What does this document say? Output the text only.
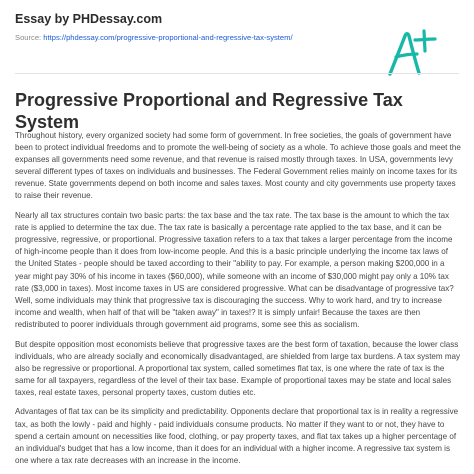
Essay by PHDessay.com
Source: https://phdessay.com/progressive-proportional-and-regressive-tax-system/
Progressive Proportional and Regressive Tax System

Throughout history, every organized society had some form of government. In free societies, the goals of government have been to protect individual freedoms and to promote the well-being of society as a whole. To achieve those goals and meet the expanses all governments need some revenue, and that revenue is raised mostly through taxes. In USA, governments levy several different types of taxes on individuals and businesses. The Federal Government relies mainly on income taxes for its revenue. State governments depend on both income and sales taxes. Most county and city governments use property taxes to raise their revenue.

Nearly all tax structures contain two basic parts: the tax base and the tax rate. The tax base is the amount to which the tax rate is applied to determine the tax due. The tax rate is basically a percentage rate applied to the tax base, and it can be progressive, regressive, or proportional. Progressive taxation refers to a tax that takes a larger percentage from the income of high-income people than it does from low-income people. And this is a basic principle underlying the income tax laws of the United States - people should be taxed according to their "ability to pay. For example, a person making $200,000 in a year might pay 30% of his income in taxes ($60,000), while someone with an income of $30,000 might pay only a 10% tax rate ($3,000 in taxes). Most income taxes in US are considered progressive. What can be disadvantage of progressive tax? Well, some individuals may think that progressive tax is discouraging the success. Why to work hard, and try to increase income and wealth, when half of that will be "taken away" in taxes!? It is simply unfair! Because the taxes are then redistributed to poorer individuals through government aid programs, some see this as socialism.

But despite opposition most economists believe that progressive taxes are the best form of taxation, because the lower class individuals, who are already socially and economically disadvantaged, are shielded from large tax burdens. A tax system may also be regressive or proportional. A proportional tax system, called sometimes flat tax, is one where the rate of tax is the same for all taxpayers, regardless of the level of their tax base. Example of proportional taxes may be state and local sales taxes, real estate taxes, personal property taxes, custom duties etc.

Advantages of flat tax can be its simplicity and predictability. Opponents declare that proportional tax is in reality a regressive tax, as both the lowly - paid and highly - paid individuals consume products. No matter if they want to or not, they have to spend a certain amount on necessities like food, clothing, or pay property taxes, and flat tax takes up a higher percentage of an individual's budget that has a low income, than it does for an individual with a higher income. A regressive tax system is one where a tax rate decreases with an increase in the income.
